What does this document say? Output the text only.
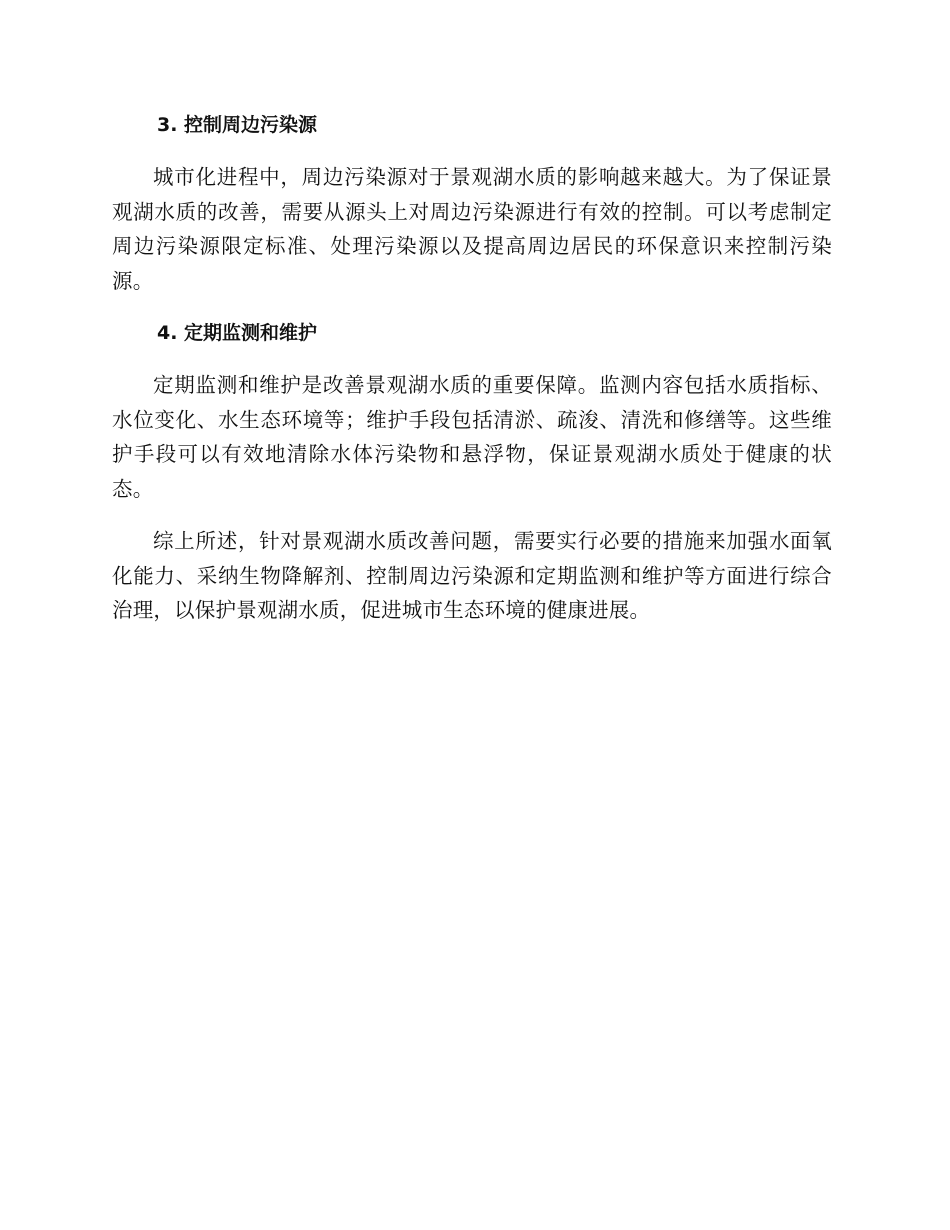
3. 控制周边污染源

城市化进程中，周边污染源对于景观湖水质的影响越来越大。为了保证景观湖水质的改善，需要从源头上对周边污染源进行有效的控制。可以考虑制定周边污染源限定标准、处理污染源以及提高周边居民的环保意识来控制污染源。

4. 定期监测和维护

定期监测和维护是改善景观湖水质的重要保障。监测内容包括水质指标、水位变化、水生态环境等；维护手段包括清淤、疏浚、清洗和修缮等。这些维护手段可以有效地清除水体污染物和悬浮物，保证景观湖水质处于健康的状态。

综上所述，针对景观湖水质改善问题，需要实行必要的措施来加强水面氧化能力、采纳生物降解剂、控制周边污染源和定期监测和维护等方面进行综合治理，以保护景观湖水质，促进城市生态环境的健康进展。
